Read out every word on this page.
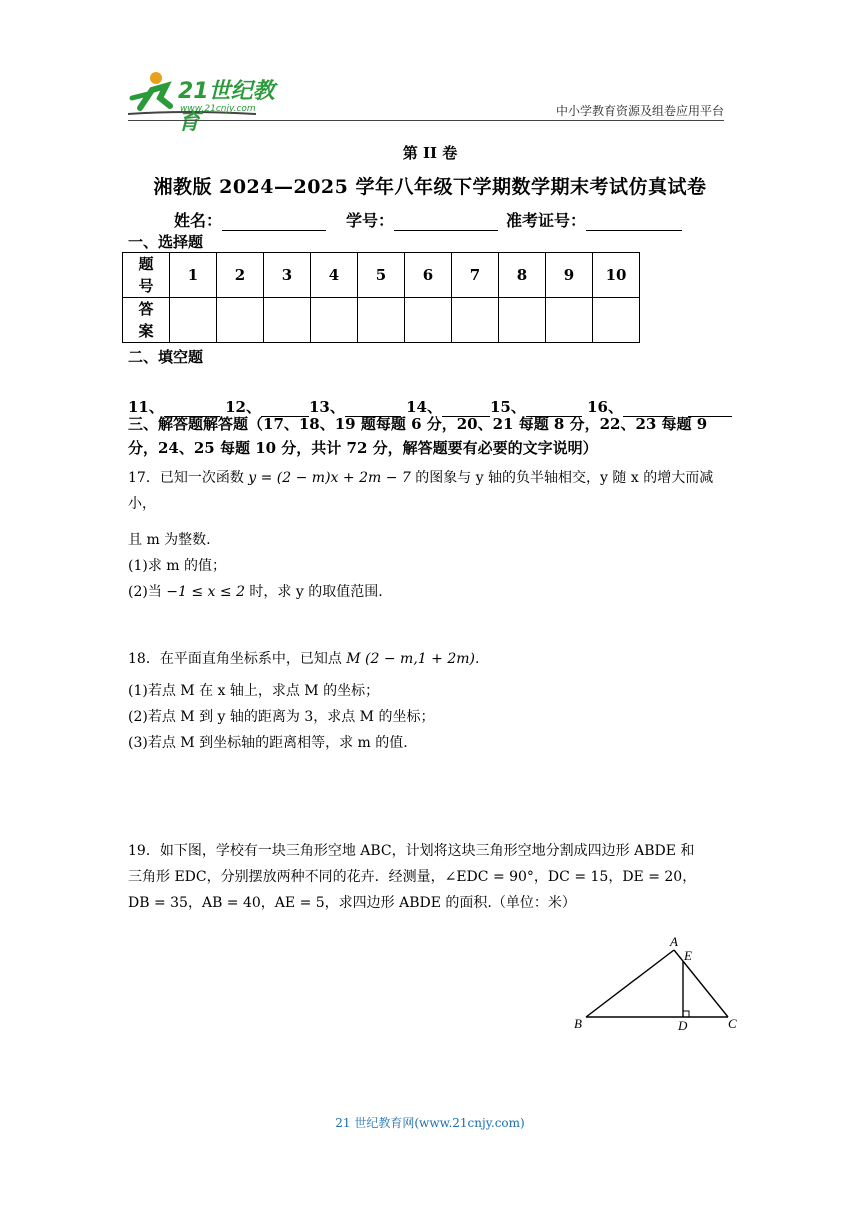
21世纪教育
www.21cnjy.com	中小学教育资源及组卷应用平台
第 II 卷
湘教版 2024—2025 学年八年级下学期数学期末考试仿真试卷
姓名：	学号：	准考证号：
一、选择题
题号	1	2	3	4	5	6	7	8	9	10
答案										
二、填空题
11、	12、	13、	14、	15、	16、
三、解答题解答题（17、18、19 题每题 6 分，20、21 每题 8 分，22、23 每题 9 分，24、25 每题 10 分，共计 72 分，解答题要有必要的文字说明）

17．已知一次函数 y = (2 − m)x + 2m − 7 的图象与 y 轴的负半轴相交，y 随 x 的增大而减小，

且 m 为整数.

(1)求 m 的值；

(2)当 −1 ≤ x ≤ 2 时，求 y 的取值范围.

18．在平面直角坐标系中，已知点 M (2 − m,1 + 2m).

(1)若点 M 在 x 轴上，求点 M 的坐标；

(2)若点 M 到 y 轴的距离为 3，求点 M 的坐标；

(3)若点 M 到坐标轴的距离相等，求 m 的值.

19．如下图，学校有一块三角形空地 ABC，计划将这块三角形空地分割成四边形 ABDE 和

三角形 EDC，分别摆放两种不同的花卉．经测量，∠EDC = 90°，DC = 15，DE = 20，

DB = 35，AB = 40，AE = 5，求四边形 ABDE 的面积.（单位：米）

A
E
B	D	C
21 世纪教育网(www.21cnjy.com)
